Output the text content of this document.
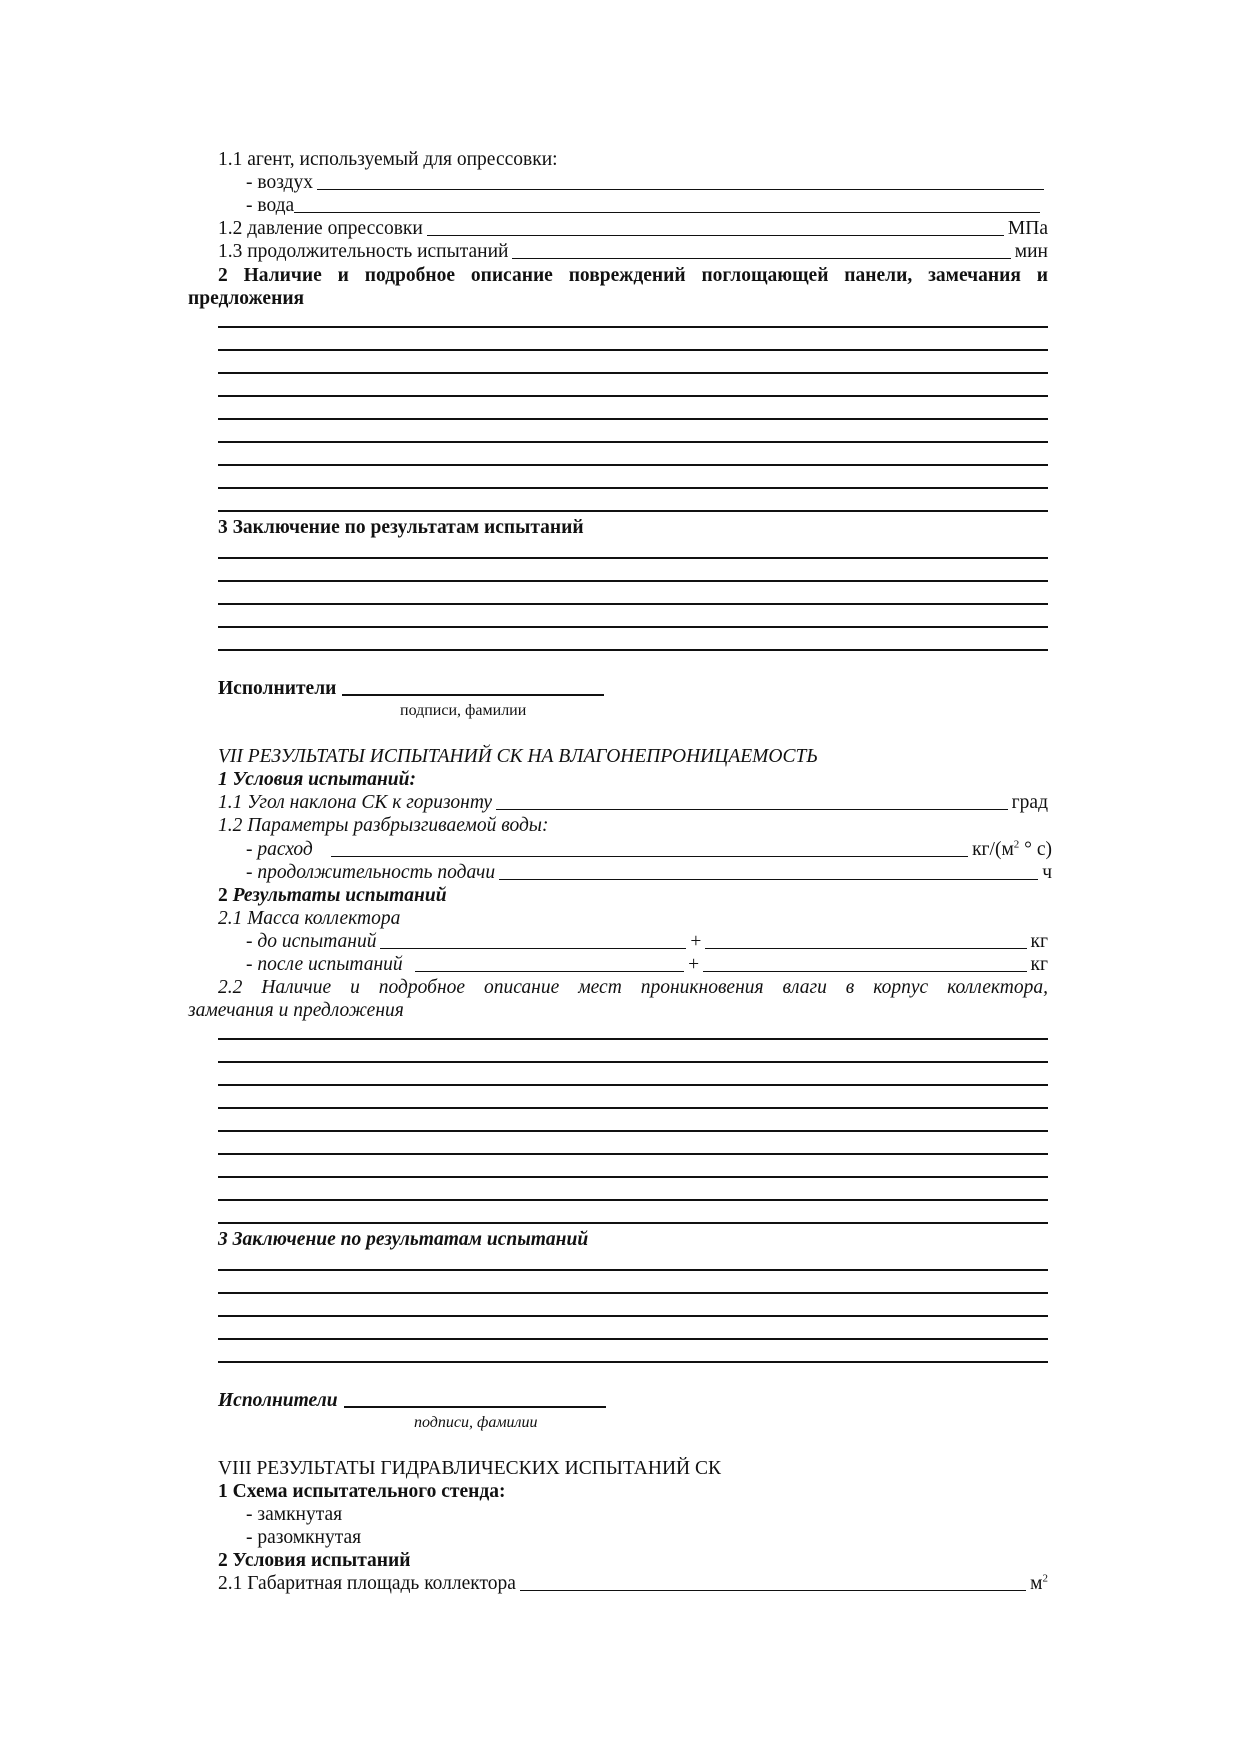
1.1 агент, используемый для опрессовки:
- воздух
- вода
1.2 давление опрессовки	МПа
1.3 продолжительность испытаний	мин
2 Наличие и подробное описание повреждений поглощающей панели, замечания и
предложения
3 Заключение по результатам испытаний
Исполнители
подписи, фамилии
VII РЕЗУЛЬТАТЫ ИСПЫТАНИЙ СК НА ВЛАГОНЕПРОНИЦАЕМОСТЬ
1 Условия испытаний:
1.1 Угол наклона СК к горизонту	град
1.2 Параметры разбрызгиваемой воды:
- расход	$кг/(м^2$ ° с)
- продолжительность подачи	ч
2
Результаты испытаний
2.1 Масса коллектора
- до испытаний	+	кг
- после испытаний	+	кг
2.2 Наличие и подробное описание мест проникновения влаги в корпус коллектора,
замечания и предложения
3 Заключение по результатам испытаний
Исполнители
подписи, фамилии
VIII РЕЗУЛЬТАТЫ ГИДРАВЛИЧЕСКИХ ИСПЫТАНИЙ СК
1 Схема испытательного стенда:
- замкнутая
- разомкнутая
2 Условия испытаний
2.1 Габаритная площадь коллектора	$м^2$
